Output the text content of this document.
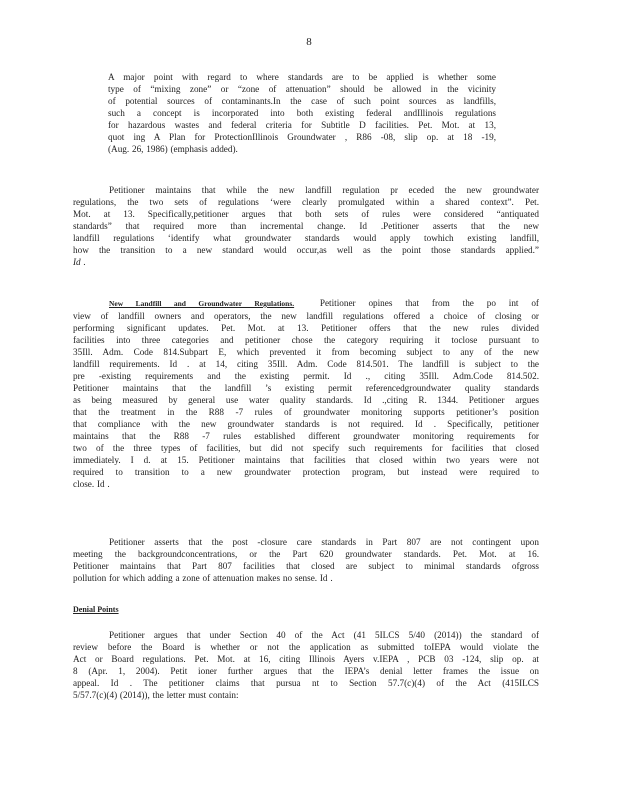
8
A major point with regard to where standards are to be applied is whether some
type of “mixing zone” or “zone of attenuation” should be allowed in the vicinity
of potential sources of contaminants.In the case of such point sources as landfills,
such a concept is incorporated into both existing federal andIllinois regulations
for hazardous wastes and federal criteria for Subtitle D facilities. Pet. Mot. at 13,
quot ing A Plan for ProtectionIllinois Groundwater , R86 -08, slip op. at 18 -19,
(Aug. 26, 1986) (emphasis added).
Petitioner maintains that while the new landfill regulation pr eceded the new groundwater
regulations, the two sets of regulations ‘were clearly promulgated within a shared context”. Pet.
Mot. at 13. Specifically,petitioner argues that both sets of rules were considered “antiquated
standards” that required more than incremental change. Id .Petitioner asserts that the new
landfill regulations ‘identify what groundwater standards would apply towhich existing landfill,
how the transition to a new standard would occur,as well as the point those standards applied.”
Id .
New Landfill and Groundwater Regulations.	Petitioner opines that from the po int of
view of landfill owners and operators, the new landfill regulations offered a choice of closing or
performing significant updates. Pet. Mot. at 13. Petitioner offers that the new rules divided
facilities into three categories and petitioner chose the category requiring it toclose pursuant to
35Ill. Adm. Code 814.Subpart E, which prevented it from becoming subject to any of the new
landfill requirements. Id . at 14, citing 35Ill. Adm. Code 814.501. The landfill is subject to the
pre -existing requirements and the existing permit. Id ., citing 35Ill. Adm.Code 814.502.
Petitioner maintains that the landfill ’s existing permit referencedgroundwater quality standards
as being measured by general use water quality standards. Id .,citing R. 1344. Petitioner argues
that the treatment in the R88 -7 rules of groundwater monitoring supports petitioner’s position
that compliance with the new groundwater standards is not required. Id . Specifically, petitioner
maintains that the R88 -7 rules established different groundwater monitoring requirements for
two of the three types of facilities, but did not specify such requirements for facilities that closed
immediately. I d. at 15. Petitioner maintains that facilities that closed within two years were not
required to transition to a new groundwater protection program, but instead were required to
close. Id .
Petitioner asserts that the post -closure care standards in Part 807 are not contingent upon
meeting the backgroundconcentrations, or the Part 620 groundwater standards. Pet. Mot. at 16.
Petitioner maintains that Part 807 facilities that closed are subject to minimal standards ofgross
pollution for which adding a zone of attenuation makes no sense. Id .
Denial Points
Petitioner argues that under Section 40 of the Act (41 5ILCS 5/40 (2014)) the standard of
review before the Board is whether or not the application as submitted toIEPA would violate the
Act or Board regulations. Pet. Mot. at 16, citing Illinois Ayers v.IEPA , PCB 03 -124, slip op. at
8 (Apr. 1, 2004). Petit ioner further argues that the IEPA’s denial letter frames the issue on
appeal. Id . The petitioner claims that pursua nt to Section 57.7(c)(4) of the Act (415ILCS
5/57.7(c)(4) (2014)), the letter must contain:
